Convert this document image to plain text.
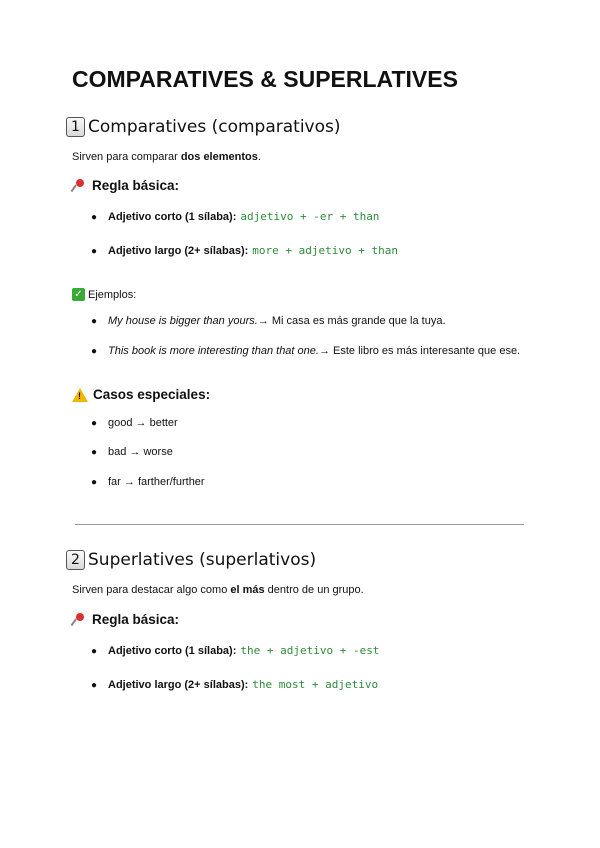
COMPARATIVES & SUPERLATIVES
1 Comparatives (comparativos)

Sirven para comparar dos elementos.

Regla básica:
● Adjetivo corto (1 sílaba): adjetivo + -er + than
● Adjetivo largo (2+ sílabas): more + adjetivo + than
✓ Ejemplos:
● My house is bigger than yours. → Mi casa es más grande que la tuya.
● This book is more interesting than that one. → Este libro es más interesante que ese.
! Casos especiales:
● good → better
● bad → worse
● far → farther/further
2 Superlatives (superlativos)

Sirven para destacar algo como el más dentro de un grupo.

Regla básica:
● Adjetivo corto (1 sílaba): the + adjetivo + -est
● Adjetivo largo (2+ sílabas): the most + adjetivo
